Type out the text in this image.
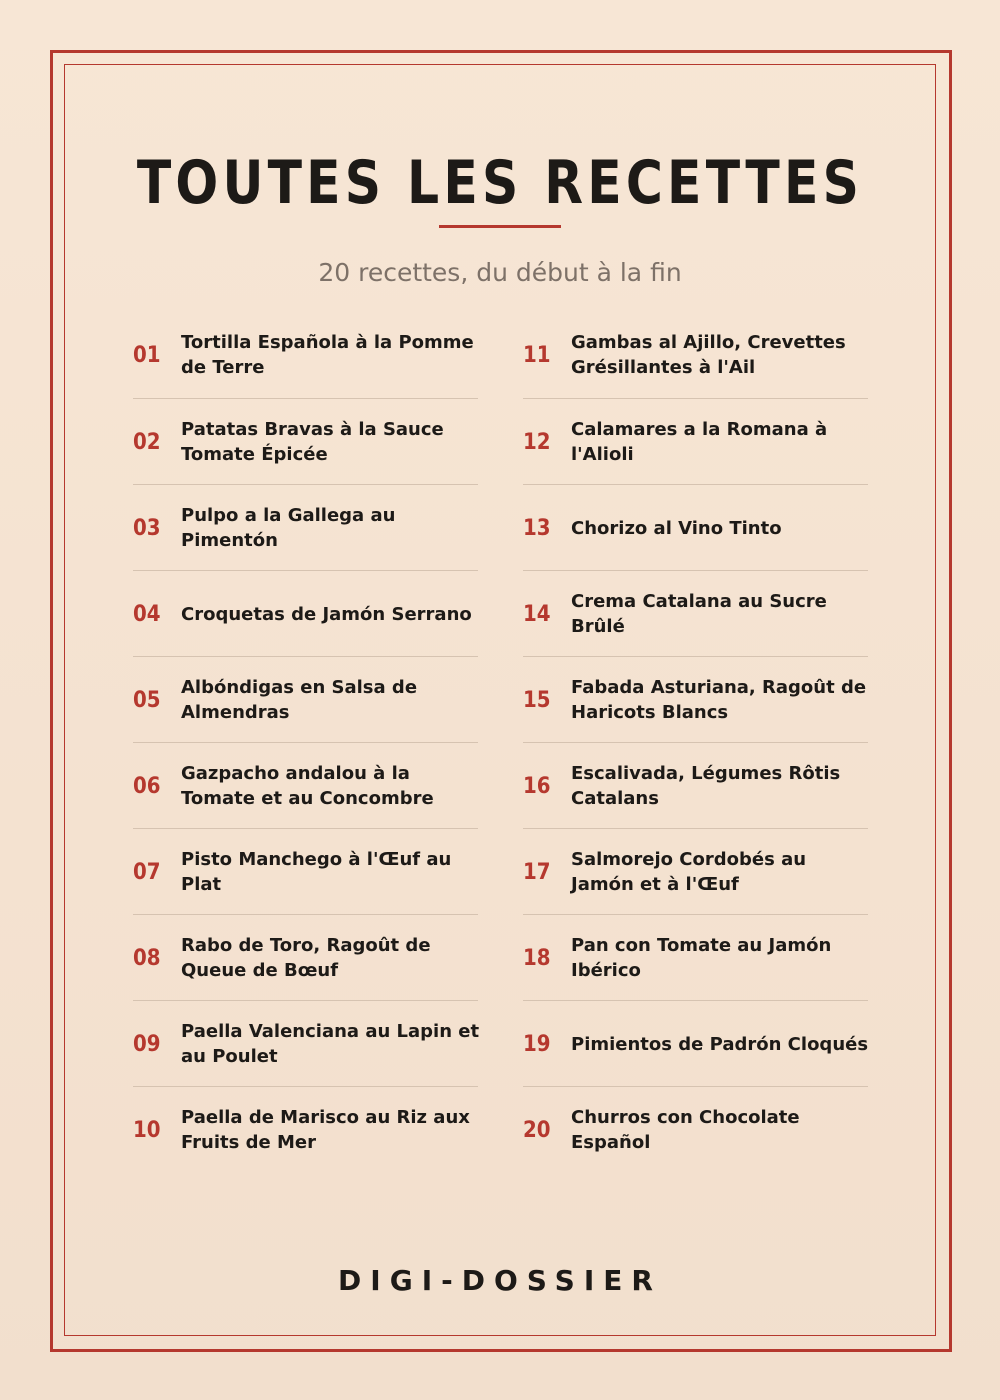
TOUTES LES RECETTES
20 recettes, du début à la fin
01	Tortilla Española à la Pomme de Terre
02	Patatas Bravas à la Sauce Tomate Épicée
03	Pulpo a la Gallega au Pimentón
04	Croquetas de Jamón Serrano
05	Albóndigas en Salsa de Almendras
06	Gazpacho andalou à la Tomate et au Concombre
07	Pisto Manchego à l'Œuf au Plat
08	Rabo de Toro, Ragoût de Queue de Bœuf
09	Paella Valenciana au Lapin et au Poulet
10	Paella de Marisco au Riz aux Fruits de Mer
11	Gambas al Ajillo, Crevettes Grésillantes à l'Ail
12	Calamares a la Romana à l'Alioli
13	Chorizo al Vino Tinto
14	Crema Catalana au Sucre Brûlé
15	Fabada Asturiana, Ragoût de Haricots Blancs
16	Escalivada, Légumes Rôtis Catalans
17	Salmorejo Cordobés au Jamón et à l'Œuf
18	Pan con Tomate au Jamón Ibérico
19	Pimientos de Padrón Cloqués
20	Churros con Chocolate Español
DIGI-DOSSIER
